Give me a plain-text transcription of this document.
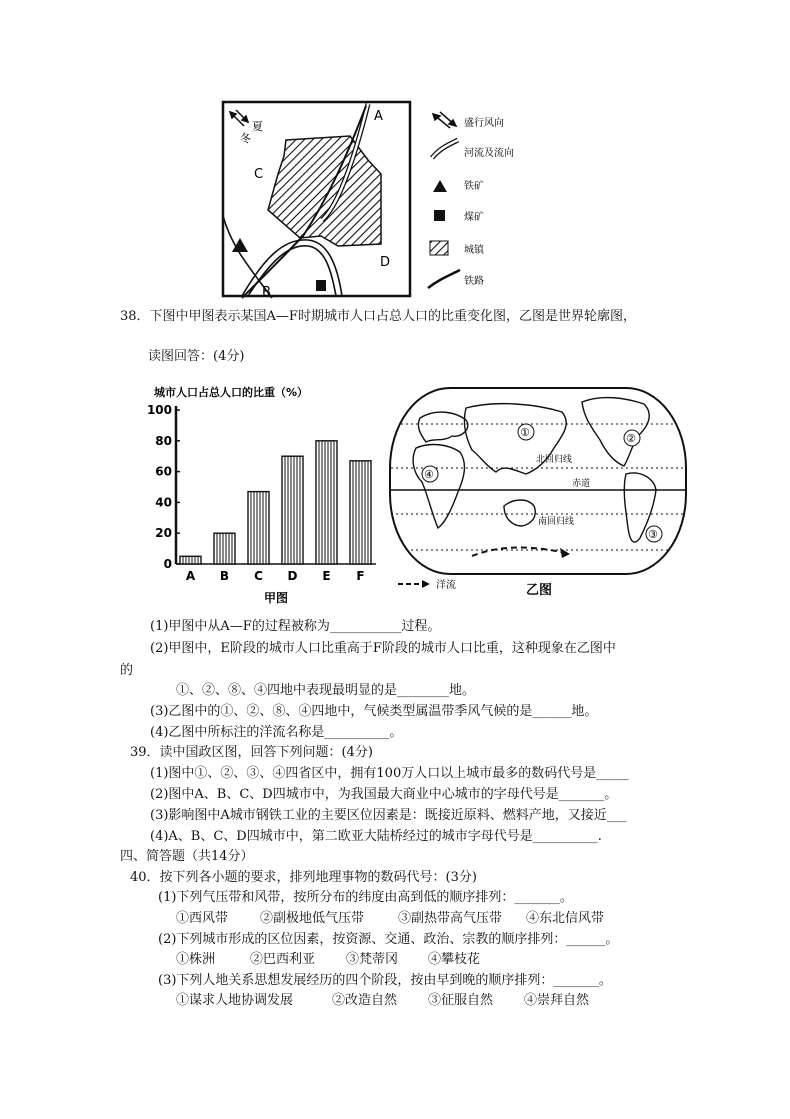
夏
冬
A
C
D
B
盛行风向
河流及流向
铁矿
煤矿
城镇
铁路
38．下图中甲图表示某国A—F时期城市人口占总人口的比重变化图，乙图是世界轮廓图，
读图回答：(4分)
城市人口占总人口的比重（%）
100
80
60
40
20
0
A B C D E F
甲图
①	②
③
④
北回归线
赤道
南回归线
洋流	乙图
(1)甲图中从A—F的过程被称为___________过程。
(2)甲图中，E阶段的城市人口比重高于F阶段的城市人口比重，这种现象在乙图中
的
①、②、⑧、④四地中表现最明显的是________地。
(3)乙图中的①、②、⑧、④四地中，气候类型属温带季风气候的是______地。
(4)乙图中所标注的洋流名称是__________。
39．读中国政区图，回答下列问题：(4分)
(1)图中①、②、③、④四省区中，拥有100万人口以上城市最多的数码代号是_____
(2)图中A、B、C、D四城市中，为我国最大商业中心城市的字母代号是_______。
(3)影响图中A城市钢铁工业的主要区位因素是：既接近原料、燃料产地，又接近___
(4)A、B、C、D四城市中，第二欧亚大陆桥经过的城市字母代号是__________.
四、简答题（共14分）
40．按下列各小题的要求，排列地理事物的数码代号：(3分)
(1)下列气压带和风带，按所分布的纬度由高到低的顺序排列：_______。
①西风带 ②副极地低气压带	③副热带高气压带 ④东北信风带
(2)下列城市形成的区位因素，按资源、交通、政治、宗教的顺序排列：______。
①株洲	②巴西利亚 ③梵蒂冈 ④攀枝花
(3)下列人地关系思想发展经历的四个阶段，按由早到晚的顺序排列：_______。
①谋求人地协调发展	②改造自然 ③征服自然 ④崇拜自然
